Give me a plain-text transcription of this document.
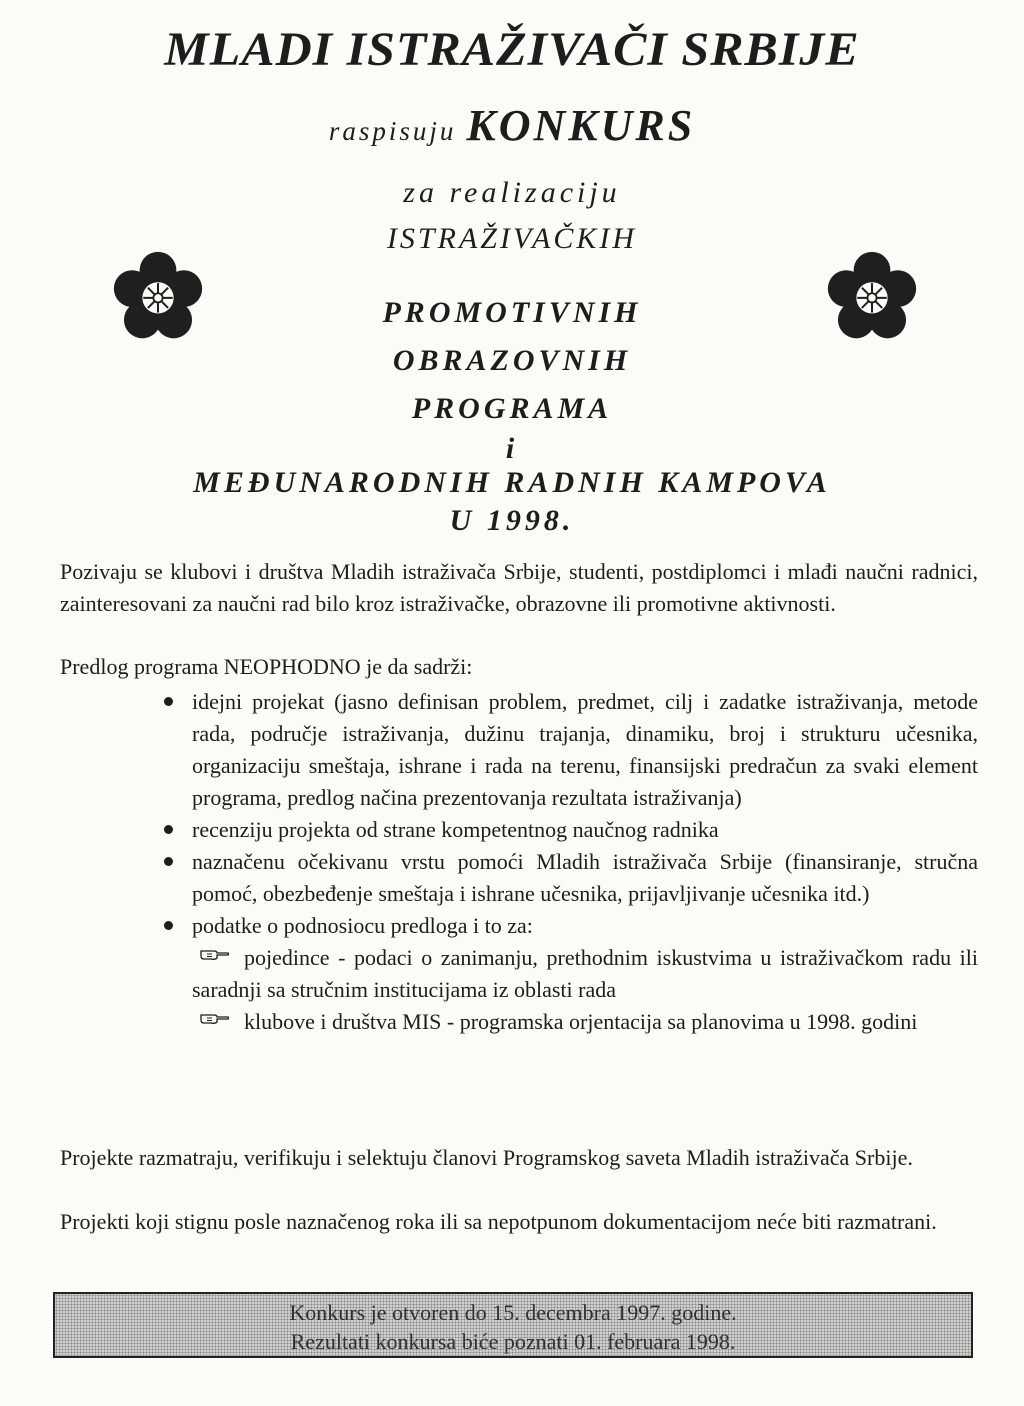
MLADI ISTRAŽIVAČI SRBIJE
raspisuju KONKURS
za realizaciju
ISTRAŽIVAČKIH
PROMOTIVNIH
OBRAZOVNIH
PROGRAMA
i
MEĐUNARODNIH RADNIH KAMPOVA
U 1998.
Pozivaju se klubovi i društva Mladih istraživača Srbije, studenti, postdiplomci i mlađi naučni radnici, zainteresovani za naučni rad bilo kroz istraživačke, obrazovne ili promotivne aktivnosti.
Predlog programa NEOPHODNO je da sadrži:
idejni projekat (jasno definisan problem, predmet, cilj i zadatke istraživanja, metode rada, područje istraživanja, dužinu trajanja, dinamiku, broj i strukturu učesnika, organizaciju smeštaja, ishrane i rada na terenu, finansijski predračun za svaki element programa, predlog načina prezentovanja rezultata istraživanja)
recenziju projekta od strane kompetentnog naučnog radnika
naznačenu očekivanu vrstu pomoći Mladih istraživača Srbije (finansiranje, stručna pomoć, obezbeđenje smeštaja i ishrane učesnika, prijavljivanje učesnika itd.)
podatke o podnosiocu predloga i to za:
pojedince - podaci o zanimanju, prethodnim iskustvima u istraživačkom radu ili saradnji sa stručnim institucijama iz oblasti rada
klubove i društva MIS - programska orjentacija sa planovima u 1998. godini
Projekte razmatraju, verifikuju i selektuju članovi Programskog saveta Mladih istraživača Srbije.
Projekti koji stignu posle naznačenog roka ili sa nepotpunom dokumentacijom neće biti razmatrani.
Konkurs je otvoren do 15. decembra 1997. godine.
Rezultati konkursa biće poznati 01. februara 1998.
